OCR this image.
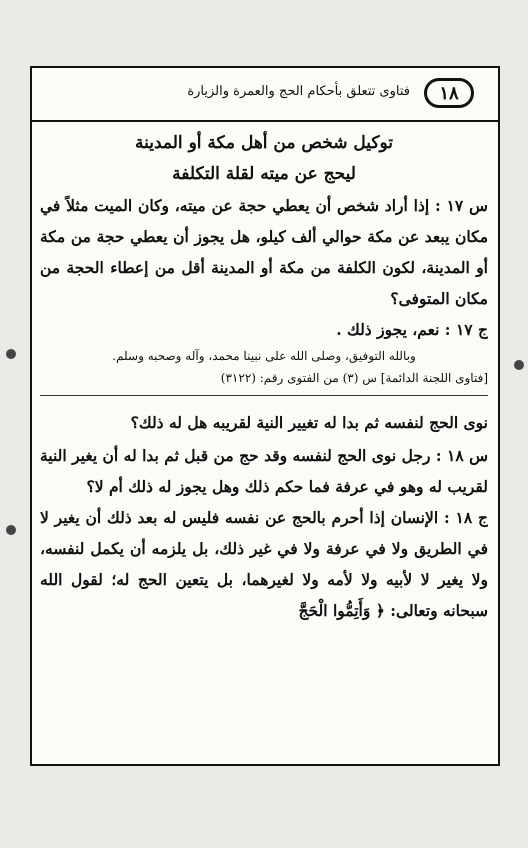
فتاوى تتعلق بأحكام الحج والعمرة والزيارة	١٨

توكيل شخص من أهل مكة أو المدينة

ليحج عن ميته لقلة التكلفة

س ١٧ : إذا أراد شخص أن يعطي حجة عن ميته، وكان الميت مثلاً في مكان يبعد عن مكة حوالي ألف كيلو، هل يجوز أن يعطي حجة من مكة أو المدينة، لكون الكلفة من مكة أو المدينة أقل من إعطاء الحجة من مكان المتوفى؟

ج ١٧ : نعم، يجوز ذلك .

وبالله التوفيق، وصلى الله على نبينا محمد، وآله وصحبه وسلم.

[فتاوى اللجنة الدائمة] س (٣) من الفتوى رقم: (٣١٢٢)

نوى الحج لنفسه ثم بدا له تغيير النية لقريبه هل له ذلك؟

س ١٨ : رجل نوى الحج لنفسه وقد حج من قبل ثم بدا له أن يغير النية لقريب له وهو في عرفة فما حكم ذلك وهل يجوز له ذلك أم لا؟

ج ١٨ : الإنسان إذا أحرم بالحج عن نفسه فليس له بعد ذلك أن يغير لا في الطريق ولا في عرفة ولا في غير ذلك، بل يلزمه أن يكمل لنفسه، ولا يغير لا لأبيه ولا لأمه ولا لغيرهما، بل يتعين الحج له؛ لقول الله سبحانه وتعالى: ﴿ وَأَتِمُّوا الْحَجَّ
